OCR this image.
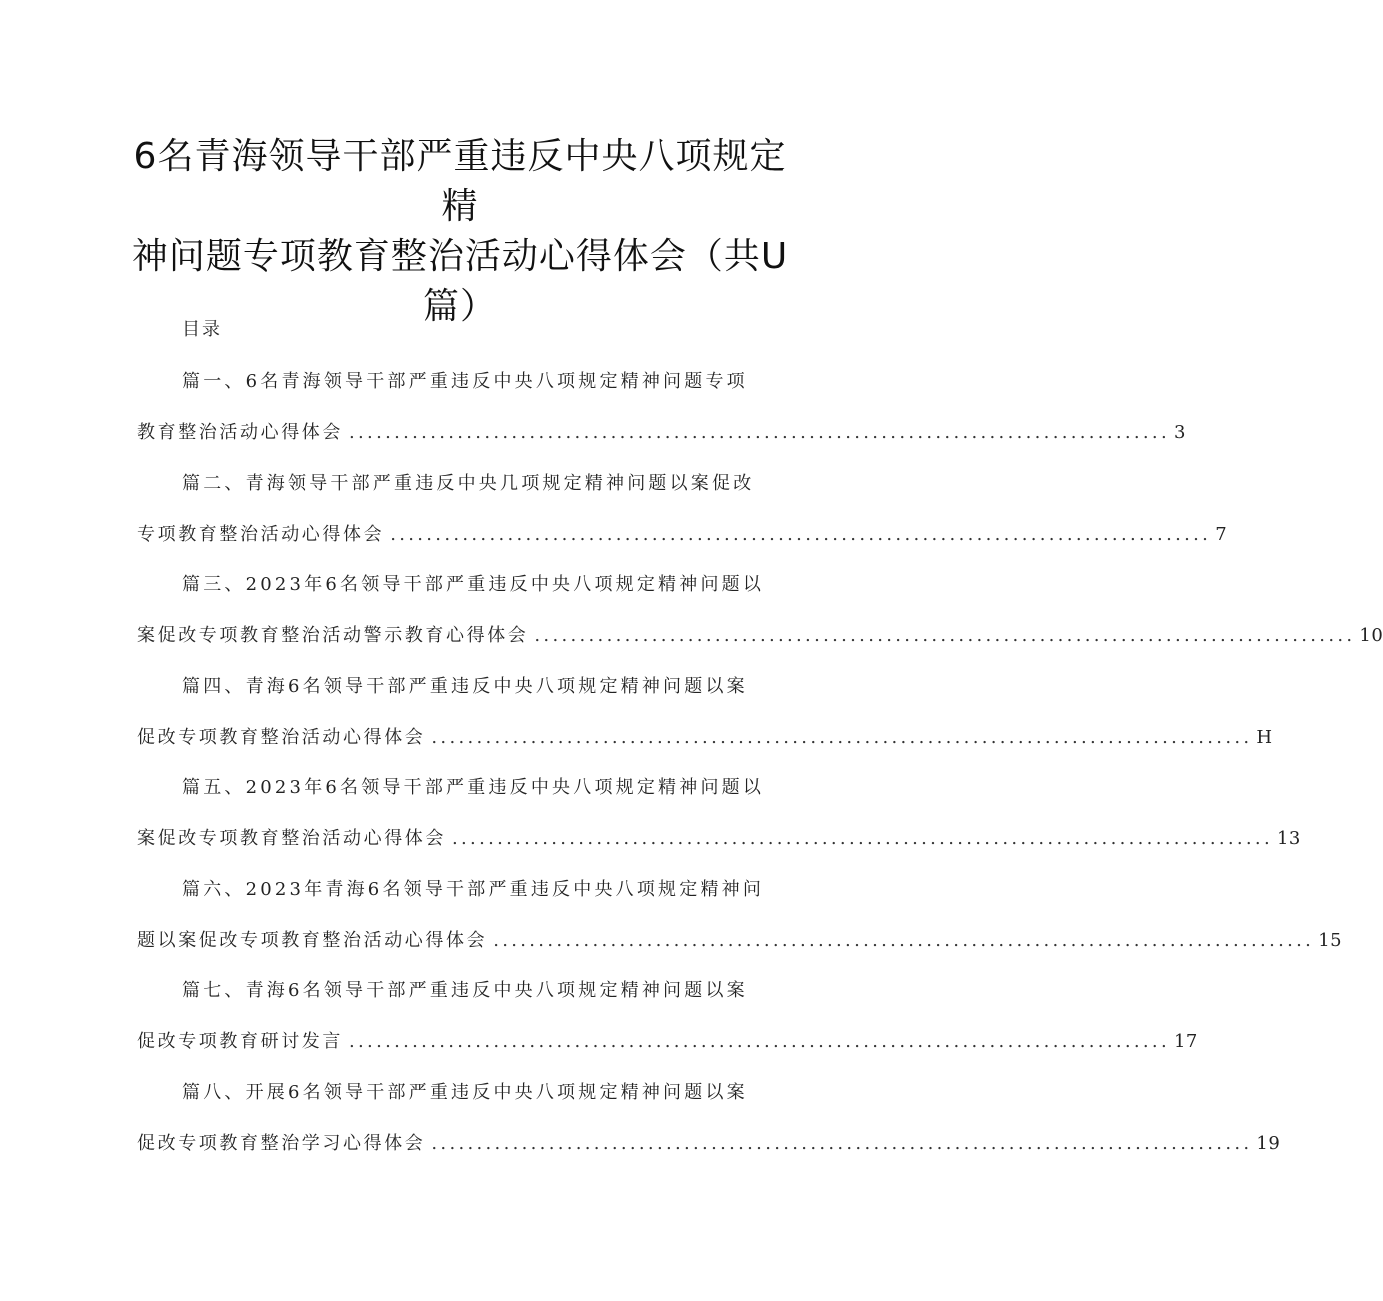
6名青海领导干部严重违反中央八项规定精
神问题专项教育整治活动心得体会（共U
篇）
目录
篇一、6名青海领导干部严重违反中央八项规定精神问题专项
教育整治活动心得体会 ........................................................................................... 3
篇二、青海领导干部严重违反中央几项规定精神问题以案促改
专项教育整治活动心得体会 ........................................................................................... 7
篇三、2023年6名领导干部严重违反中央八项规定精神问题以
案促改专项教育整治活动警示教育心得体会 ........................................................................................... 10
篇四、青海6名领导干部严重违反中央八项规定精神问题以案
促改专项教育整治活动心得体会 ........................................................................................... H
篇五、2023年6名领导干部严重违反中央八项规定精神问题以
案促改专项教育整治活动心得体会 ........................................................................................... 13
篇六、2023年青海6名领导干部严重违反中央八项规定精神问
题以案促改专项教育整治活动心得体会 ........................................................................................... 15
篇七、青海6名领导干部严重违反中央八项规定精神问题以案
促改专项教育研讨发言 ........................................................................................... 17
篇八、开展6名领导干部严重违反中央八项规定精神问题以案
促改专项教育整治学习心得体会 ........................................................................................... 19
